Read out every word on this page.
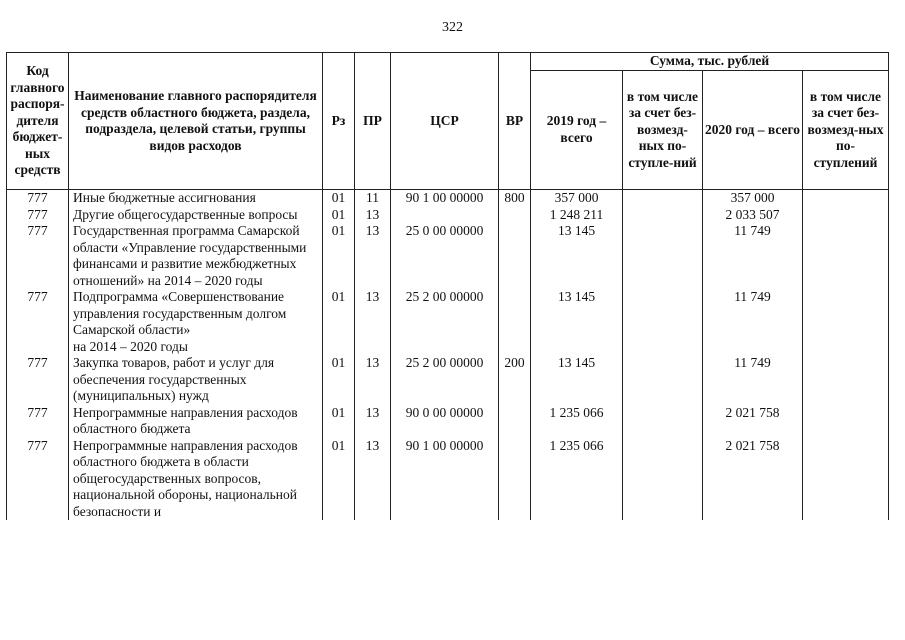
322
Код главного распоря-дителя бюджет-ных средств	Наименование главного распорядителя средств областного бюджета, раздела, подраздела, целевой статьи, группы видов расходов	Рз	ПР	ЦСР	ВР	Сумма, тыс. рублей			
						2019 год – всего	в том числе за счет без-возмезд-ных по-ступле-ний	2020 год – всего	в том числе за счет без-возмезд-ных по-ступлений
777	Иные бюджетные ассигнования	01	11	90 1 00 00000	800	357 000		357 000	
777	Другие общегосударственные вопросы	01	13			1 248 211		2 033 507	
777	Государственная программа Самарской области «Управление государственными финансами и развитие межбюджетных отношений» на 2014 – 2020 годы	01	13	25 0 00 00000		13 145		11 749	
777	Подпрограмма «Совершенствование управления государственным долгом Самарской области»
на 2014 – 2020 годы	01	13	25 2 00 00000		13 145		11 749	
777	Закупка товаров, работ и услуг для обеспечения государственных (муниципальных) нужд	01	13	25 2 00 00000	200	13 145		11 749	
777	Непрограммные направления расходов областного бюджета	01	13	90 0 00 00000		1 235 066		2 021 758	
777	Непрограммные направления расходов областного бюджета в области общегосударственных вопросов, национальной обороны, национальной безопасности и	01	13	90 1 00 00000		1 235 066		2 021 758	
